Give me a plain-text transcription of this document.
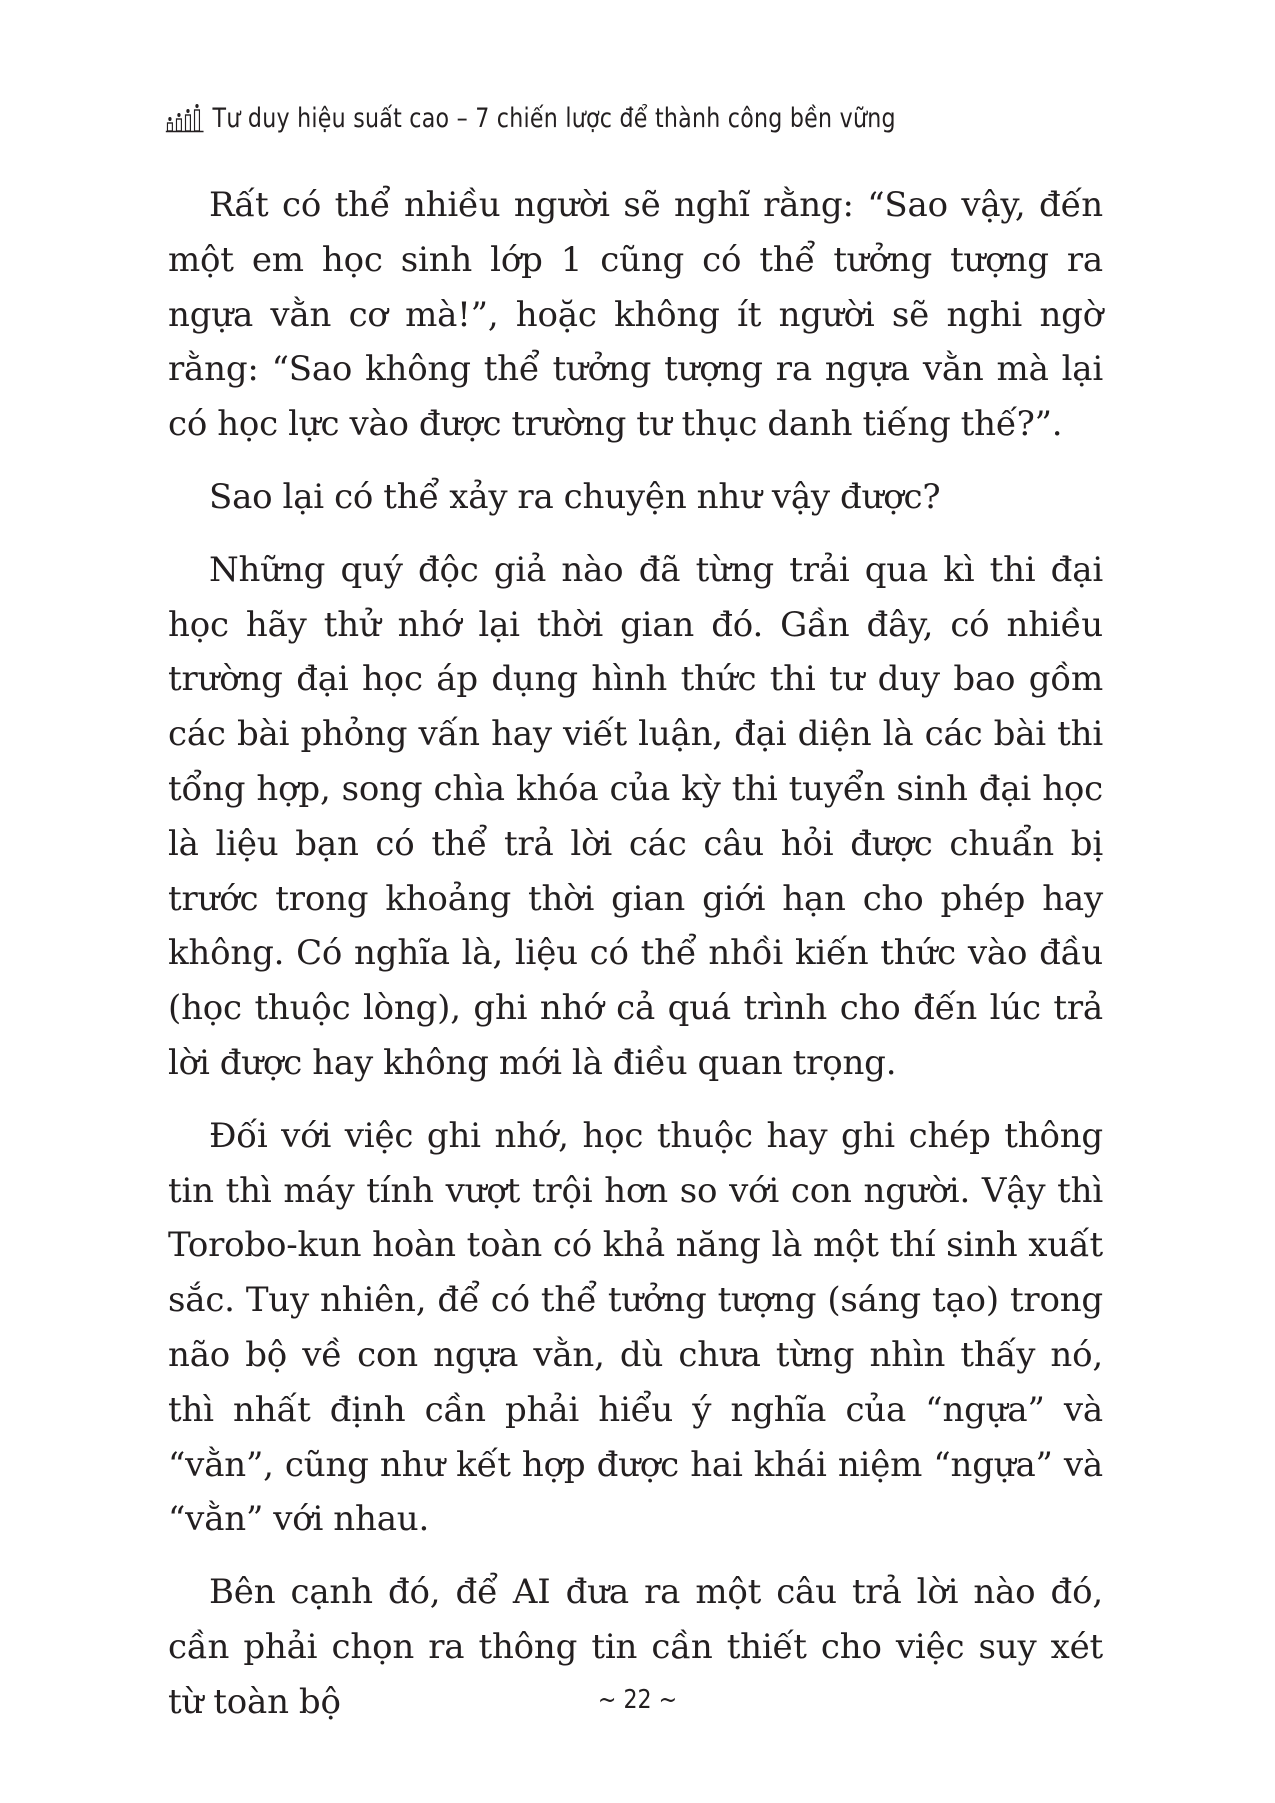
Tư duy hiệu suất cao – 7 chiến lược để thành công bền vững

Rất có thể nhiều người sẽ nghĩ rằng: “Sao vậy, đến một em học sinh lớp 1 cũng có thể tưởng tượng ra ngựa vằn cơ mà!”, hoặc không ít người sẽ nghi ngờ rằng: “Sao không thể tưởng tượng ra ngựa vằn mà lại có học lực vào được trường tư thục danh tiếng thế?”.

Sao lại có thể xảy ra chuyện như vậy được?

Những quý độc giả nào đã từng trải qua kì thi đại học hãy thử nhớ lại thời gian đó. Gần đây, có nhiều trường đại học áp dụng hình thức thi tư duy bao gồm các bài phỏng vấn hay viết luận, đại diện là các bài thi tổng hợp, song chìa khóa của kỳ thi tuyển sinh đại học là liệu bạn có thể trả lời các câu hỏi được chuẩn bị trước trong khoảng thời gian giới hạn cho phép hay không. Có nghĩa là, liệu có thể nhồi kiến thức vào đầu (học thuộc lòng), ghi nhớ cả quá trình cho đến lúc trả lời được hay không mới là điều quan trọng.

Đối với việc ghi nhớ, học thuộc hay ghi chép thông tin thì máy tính vượt trội hơn so với con người. Vậy thì Torobo-kun hoàn toàn có khả năng là một thí sinh xuất sắc. Tuy nhiên, để có thể tưởng tượng (sáng tạo) trong não bộ về con ngựa vằn, dù chưa từng nhìn thấy nó, thì nhất định cần phải hiểu ý nghĩa của “ngựa” và “vằn”, cũng như kết hợp được hai khái niệm “ngựa” và “vằn” với nhau.

Bên cạnh đó, để AI đưa ra một câu trả lời nào đó, cần phải chọn ra thông tin cần thiết cho việc suy xét từ toàn bộ	~ 22 ~
